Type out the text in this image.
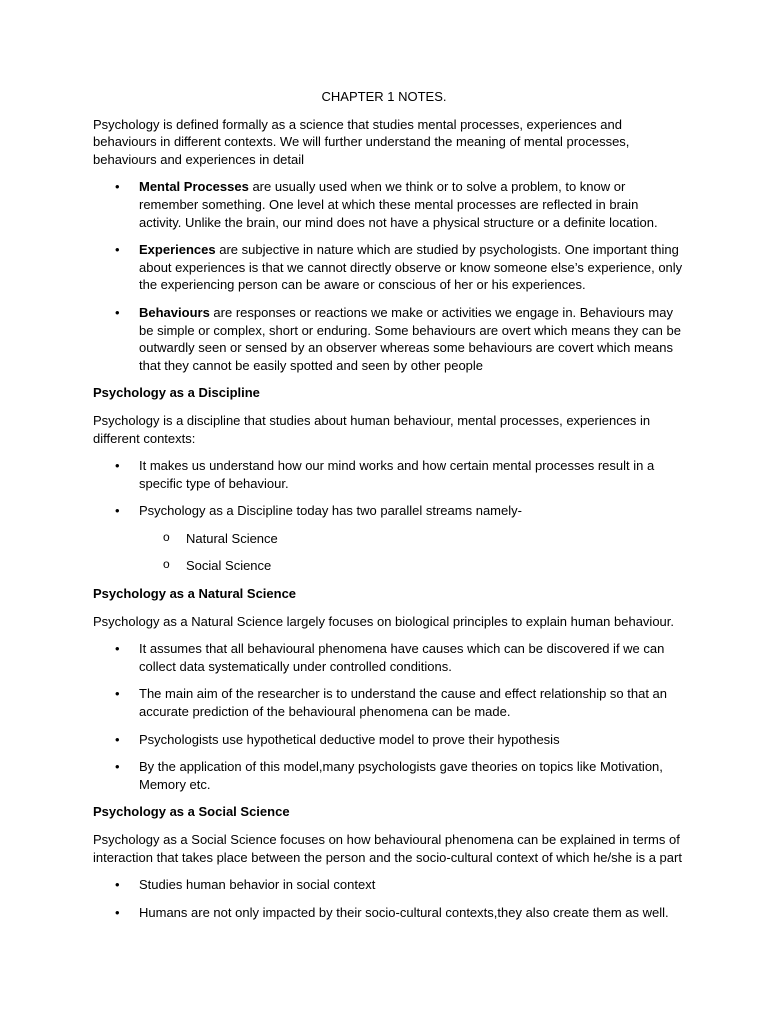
CHAPTER 1 NOTES.

Psychology is defined formally as a science that studies mental processes, experiences and behaviours in different contexts. We will further understand the meaning of mental processes, behaviours and experiences in detail

• Mental Processes are usually used when we think or to solve a problem, to know or remember something. One level at which these mental processes are reflected in brain activity. Unlike the brain, our mind does not have a physical structure or a definite location.
• Experiences are subjective in nature which are studied by psychologists. One important thing about experiences is that we cannot directly observe or know someone else’s experience, only the experiencing person can be aware or conscious of her or his experiences.
• Behaviours are responses or reactions we make or activities we engage in. Behaviours may be simple or complex, short or enduring. Some behaviours are overt which means they can be outwardly seen or sensed by an observer whereas some behaviours are covert which means that they cannot be easily spotted and seen by other people
Psychology as a Discipline

Psychology is a discipline that studies about human behaviour, mental processes, experiences in different contexts:

• It makes us understand how our mind works and how certain mental processes result in a specific type of behaviour.
• Psychology as a Discipline today has two parallel streams namely-
o Natural Science
o Social Science
Psychology as a Natural Science

Psychology as a Natural Science largely focuses on biological principles to explain human behaviour.

• It assumes that all behavioural phenomena have causes which can be discovered if we can collect data systematically under controlled conditions.
• The main aim of the researcher is to understand the cause and effect relationship so that an accurate prediction of the behavioural phenomena can be made.
• Psychologists use hypothetical deductive model to prove their hypothesis
• By the application of this model,many psychologists gave theories on topics like Motivation, Memory etc.
Psychology as a Social Science

Psychology as a Social Science focuses on how behavioural phenomena can be explained in terms of interaction that takes place between the person and the socio-cultural context of which he/she is a part

• Studies human behavior in social context
• Humans are not only impacted by their socio-cultural contexts,they also create them as well.
